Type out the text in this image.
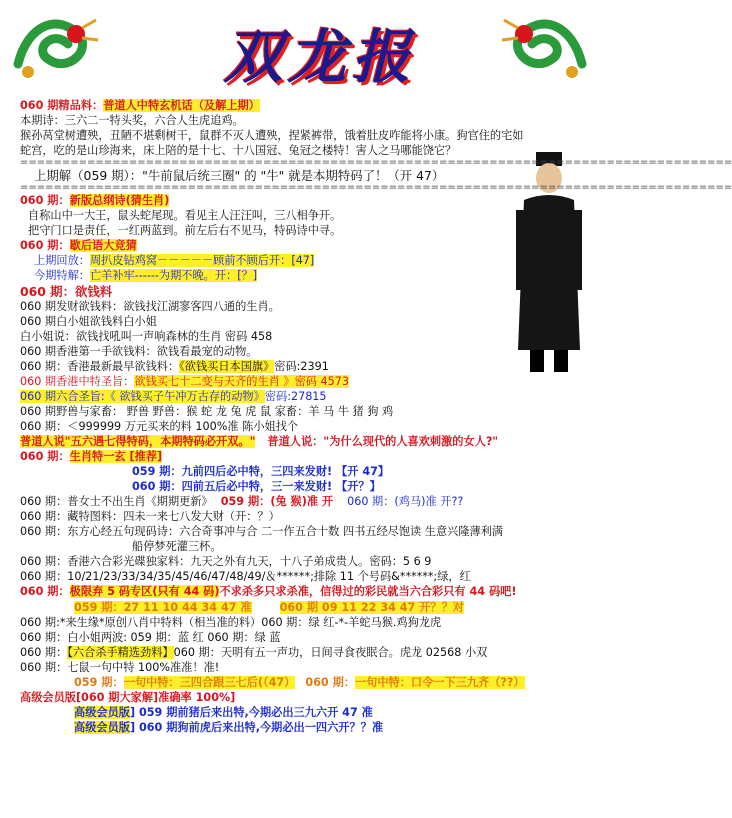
双龙报
060 期精品料：普道人中特玄机话（及解上期）
本期诗：三六二一特头奖，六合人生虎追鸡。
猴孙莴堂树遭殃，丑陋不堪剩树干，鼠群不灭人遭殃，捏紧裤带，饿着肚皮咋能将小康。狗官住的宅如
蛇宫，吃的是山珍海来，床上陪的是十七、十八国冠、兔冠之楼特！害人之马哪能饶它？
=====================================================================================
上期解（059 期）："牛前鼠后统三圈" 的 "牛" 就是本期特码了！（开 47）
=====================================================================================
060 期：新版总纲诗(猜生肖)
自称山中一大王，鼠头蛇尾现。看见主人汪汪叫，三八相争开。
把守门口是责任，一红两蓝到。前左后右不见马，特码诗中寻。
060 期：歇后语大竞猜
上期回放：周扒皮钻鸡窝－－－－－顾前不顾后开：[47]
今期特解：亡羊补牢------为期不晚。开：[？]
060 期：欲钱料
060 期发财欲钱料：欲钱找江湖寥客四八通的生肖。
060 期白小姐欲钱料白小姐
白小姐说：欲钱找吼叫一声响森林的生肖 密码 458
060 期香港第一手欲钱料：欲钱看最宠的动物。
060 期：香港最新最早欲钱料：《欲钱买日本国旗》密码:2391
060 期香港中特圣旨：欲钱买七十二变与天齐的生肖 》密码 4573
060 期六合圣旨:《 欲钱买子午冲万古存的动物》密码:27815
060 期野兽与家畜： 野兽 野兽：猴 蛇 龙 兔 虎 鼠 家畜：羊 马 牛 猪 狗 鸡
060 期：＜999999 万元买来的料 100%准 陈小姐找个
普道人说"五六遇七得特码，本期特码必开双。" 普道人说："为什么现代的人喜欢刺激的女人?"
060 期：生肖特一玄 [推荐]
059 期：九前四后必中特，三四来发财! 【开 47】
060 期：四前五后必中特，三一来发财! 【开？】
060 期：普女士不出生肖《期期更新》 059 期：(兔 猴)准 开 060 期：(鸡马)准 开??
060 期：藏特图料：四未一来七八发大财（开：？）
060 期：东方心经五句现码诗：六合奇事冲与合 二一作五合十数 四书五经尽饱读 生意兴隆薄利满
船停梦死灌三杯。
060 期：香港六合彩光碟独家料：九天之外有九天，十八子弟成贵人。密码：5 6 9
060 期：10/21/23/33/34/35/45/46/47/48/49/＆******;排除 11 个号码&******;绿，红
060 期：极限弃 5 码专区(只有 44 码)不求杀多只求杀准，信得过的彩民就当六合彩只有 44 码吧!
059 期：27 11 10 44 34 47 准	060 期 09 11 22 34 47 开？？对
060 期:*来生缘*原创八肖中特料（相当准的料）060 期：绿 红-*-羊蛇马猴.鸡狗龙虎
060 期：白小姐两波: 059 期：蓝 红 060 期：绿 蓝
060 期：【六合杀手精选劲料】060 期：天明有五一声功，日间寻食夜眠合。虎龙 02568 小双
060 期：七鼠一句中特 100%准准！准!
059 期：一句中特：三四合跟三七后(（47） 060 期：一句中特：口令一下三九齐（??）
高级会员版[060 期大家解]准确率 100%]
高级会员版] 059 期前猪后来出特,今期必出三九六开 47 准
高级会员版] 060 期狗前虎后来出特,今期必出一四六开？？准
